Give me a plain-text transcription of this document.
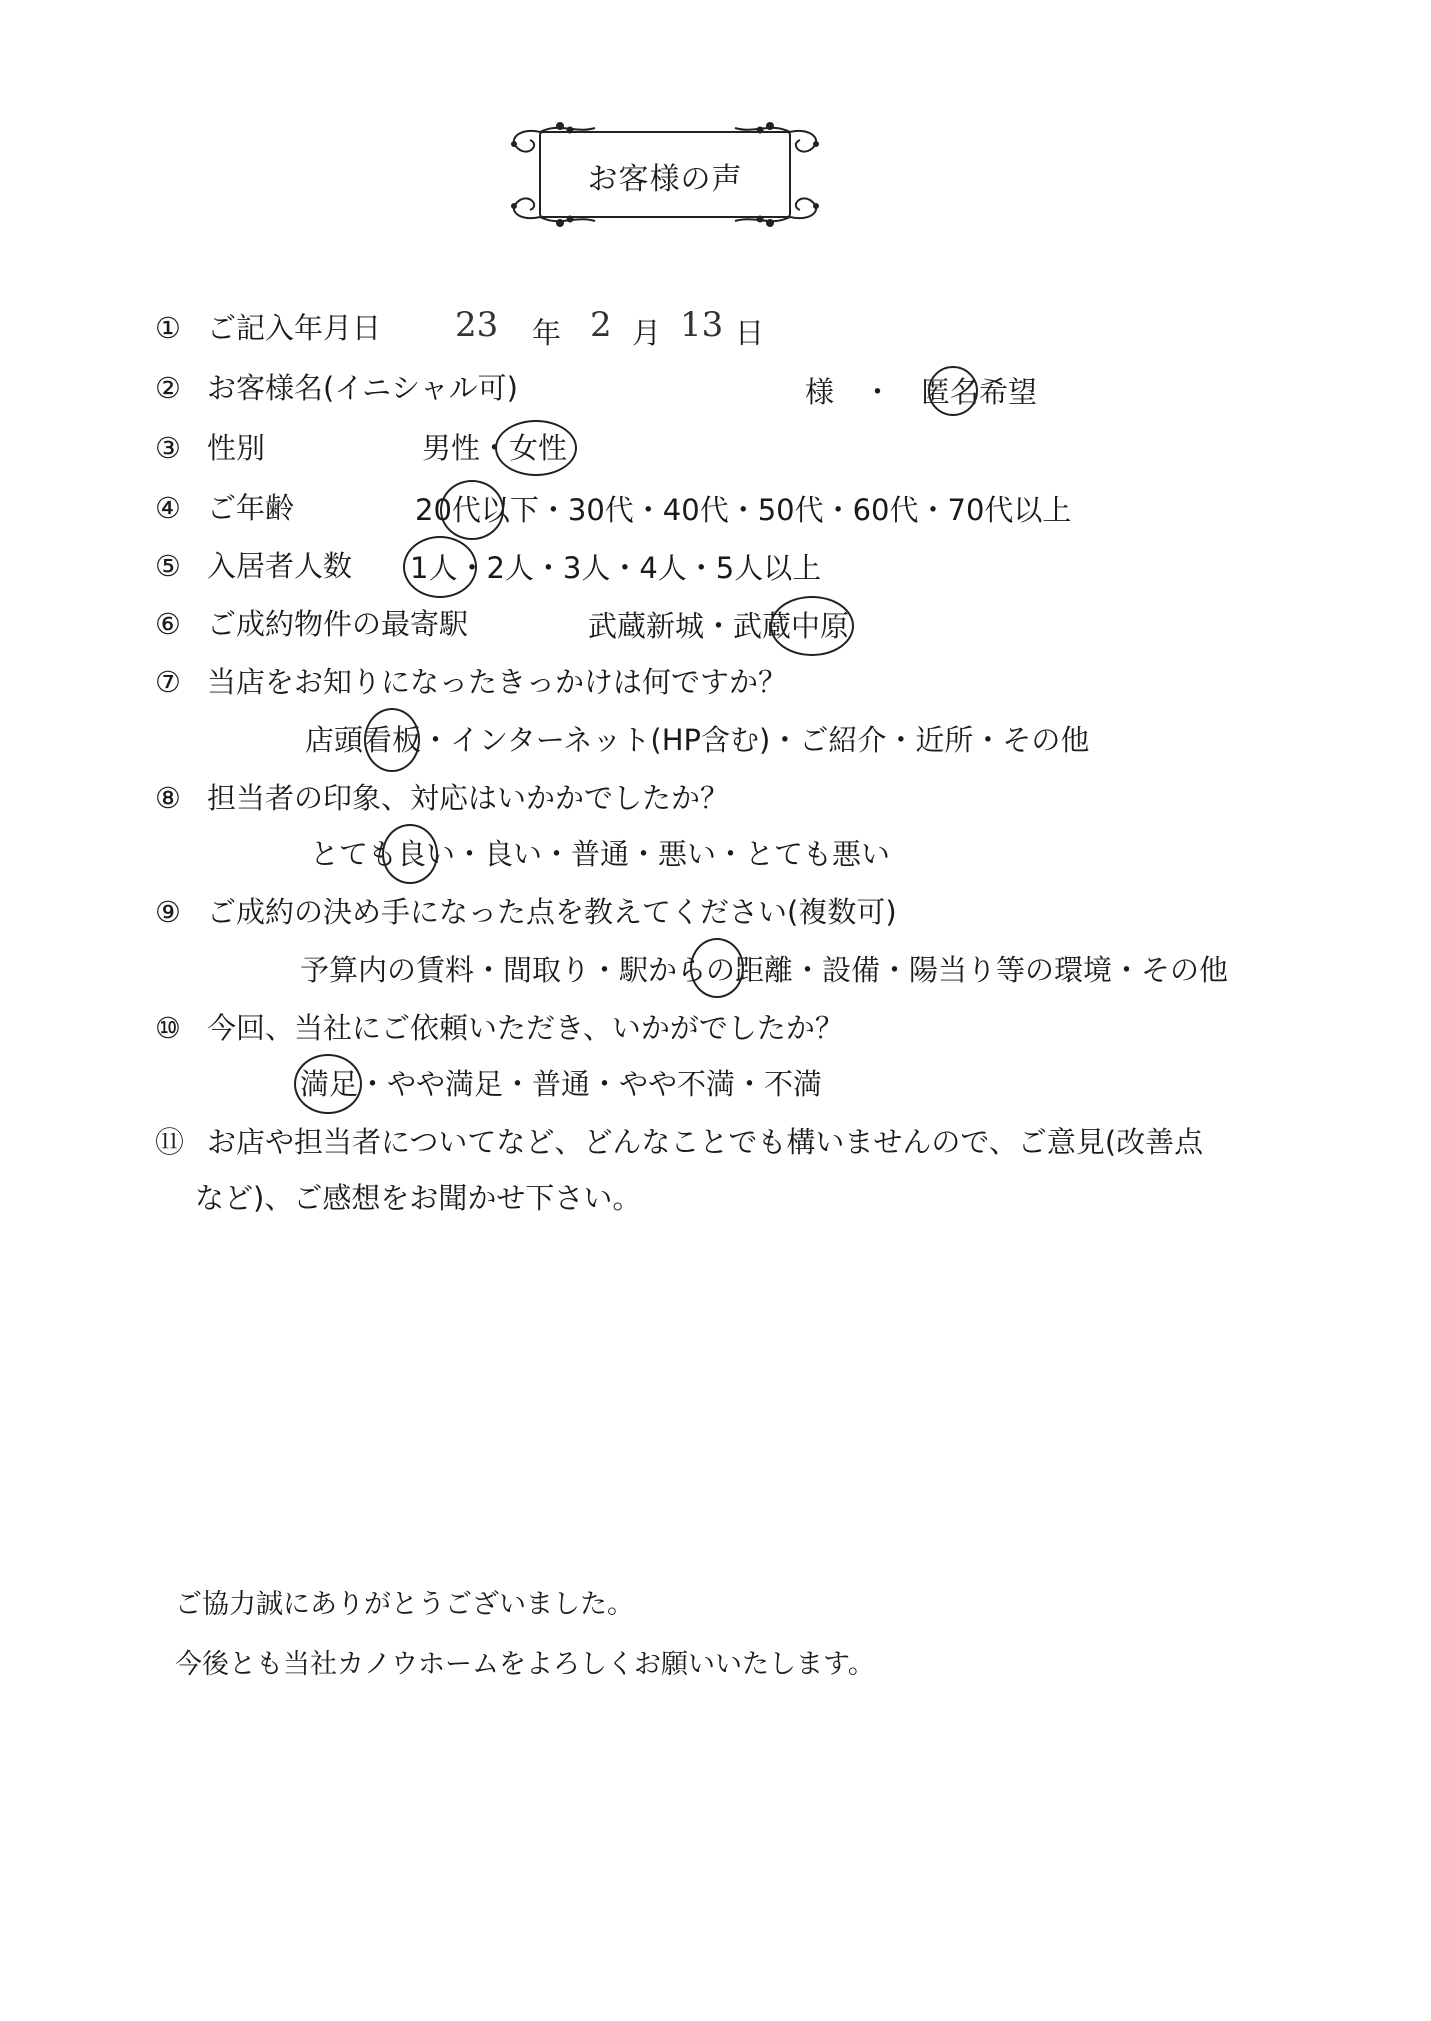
お客様の声
① ご記入年月日 23 年 2 月 13 日
② お客様名(イニシャル可)	様　・　匿名希望
③ 性別	男性・女性
④ ご年齢	20代以下・30代・40代・50代・60代・70代以上
⑤ 入居者人数 1人・2人・3人・4人・5人以上
⑥ ご成約物件の最寄駅	武蔵新城・武蔵中原
⑦ 当店をお知りになったきっかけは何ですか？
店頭看板・インターネット(HP含む)・ご紹介・近所・その他
⑧ 担当者の印象、対応はいかかでしたか？
とても良い・良い・普通・悪い・とても悪い
⑨ ご成約の決め手になった点を教えてください(複数可)
予算内の賃料・間取り・駅からの距離・設備・陽当り等の環境・その他
⑩ 今回、当社にご依頼いただき、いかがでしたか？
満足・やや満足・普通・やや不満・不満
⑪ お店や担当者についてなど、どんなことでも構いませんので、ご意見(改善点
など)、ご感想をお聞かせ下さい。
ご協力誠にありがとうございました。
今後とも当社カノウホームをよろしくお願いいたします。
